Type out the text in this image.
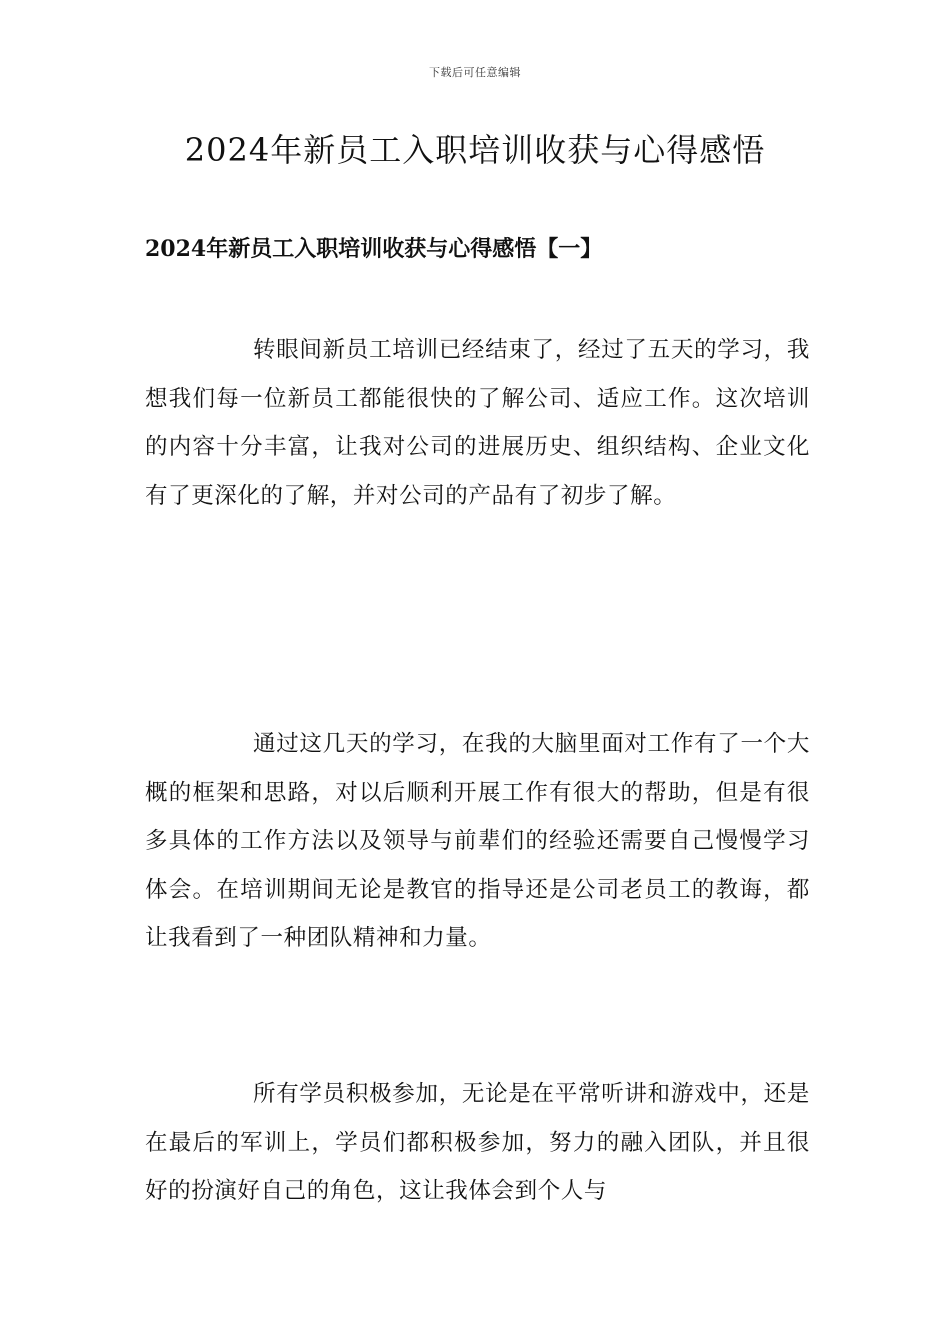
下载后可任意编辑
2024年新员工入职培训收获与心得感悟
2024年新员工入职培训收获与心得感悟【一】

转眼间新员工培训已经结束了，经过了五天的学习，我想我们每一位新员工都能很快的了解公司、适应工作。这次培训的内容十分丰富，让我对公司的进展历史、组织结构、企业文化有了更深化的了解，并对公司的产品有了初步了解。

通过这几天的学习，在我的大脑里面对工作有了一个大概的框架和思路，对以后顺利开展工作有很大的帮助，但是有很多具体的工作方法以及领导与前辈们的经验还需要自己慢慢学习体会。在培训期间无论是教官的指导还是公司老员工的教诲，都让我看到了一种团队精神和力量。

所有学员积极参加，无论是在平常听讲和游戏中，还是在最后的军训上，学员们都积极参加，努力的融入团队，并且很好的扮演好自己的角色，这让我体会到个人与
